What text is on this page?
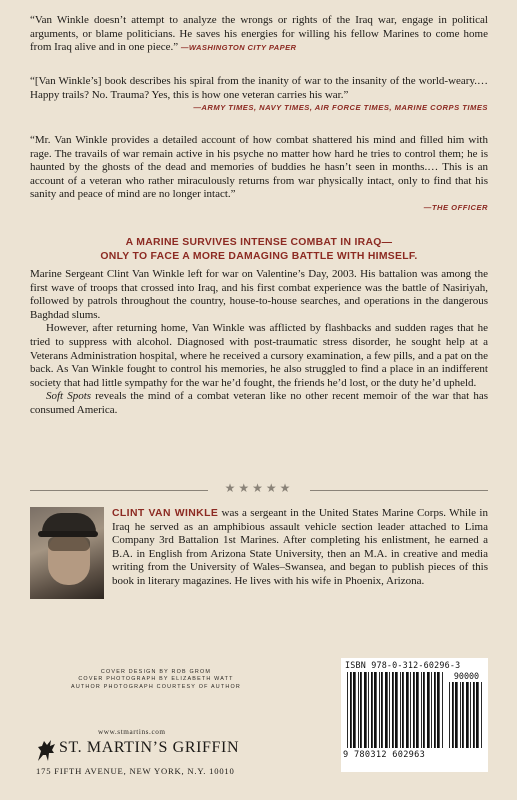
“Van Winkle doesn’t attempt to analyze the wrongs or rights of the Iraq war, engage in political arguments, or blame politicians. He saves his energies for willing his fellow Marines to come home from Iraq alive and in one piece.” —WASHINGTON CITY PAPER
“[Van Winkle’s] book describes his spiral from the inanity of war to the insanity of the world-weary.… Happy trails? No. Trauma? Yes, this is how one veteran carries his war.”
—ARMY TIMES, NAVY TIMES, AIR FORCE TIMES, MARINE CORPS TIMES
“Mr. Van Winkle provides a detailed account of how combat shattered his mind and filled him with rage. The travails of war remain active in his psyche no matter how hard he tries to control them; he is haunted by the ghosts of the dead and memories of buddies he hasn’t seen in months.… This is an account of a veteran who rather miraculously returns from war physically intact, only to find that his sanity and peace of mind are no longer intact.”
—THE OFFICER
A MARINE SURVIVES INTENSE COMBAT IN IRAQ—
ONLY TO FACE A MORE DAMAGING BATTLE WITH HIMSELF.

Marine Sergeant Clint Van Winkle left for war on Valentine’s Day, 2003. His battalion was among the first wave of troops that crossed into Iraq, and his first combat experience was the battle of Nasiriyah, followed by patrols throughout the country, house-to-house searches, and operations in the dangerous Baghdad slums.

However, after returning home, Van Winkle was afflicted by flashbacks and sudden rages that he tried to suppress with alcohol. Diagnosed with post-traumatic stress disorder, he sought help at a Veterans Administration hospital, where he received a cursory examination, a few pills, and a pat on the back. As Van Winkle fought to control his memories, he also struggled to find a place in an indifferent society that had little sympathy for the war he’d fought, the friends he’d lost, or the duty he’d upheld.

Soft Spots reveals the mind of a combat veteran like no other recent memoir of the war that has consumed America.

★★★★★
CLINT VAN WINKLE was a sergeant in the United States Marine Corps. While in Iraq he served as an amphibious assault vehicle section leader attached to Lima Company 3rd Battalion 1st Marines. After completing his enlistment, he earned a B.A. in English from Arizona State University, then an M.A. in creative and media writing from the University of Wales–Swansea, and began to publish pieces of this book in literary magazines. He lives with his wife in Phoenix, Arizona.
COVER DESIGN BY ROB GROM
COVER PHOTOGRAPH BY ELIZABETH WATT
AUTHOR PHOTOGRAPH COURTESY OF AUTHOR
www.stmartins.com
ST. MARTIN’S GRIFFIN
175 FIFTH AVENUE, NEW YORK, N.Y. 10010
ISBN 978-0-312-60296-3
90000
9 780312 602963
